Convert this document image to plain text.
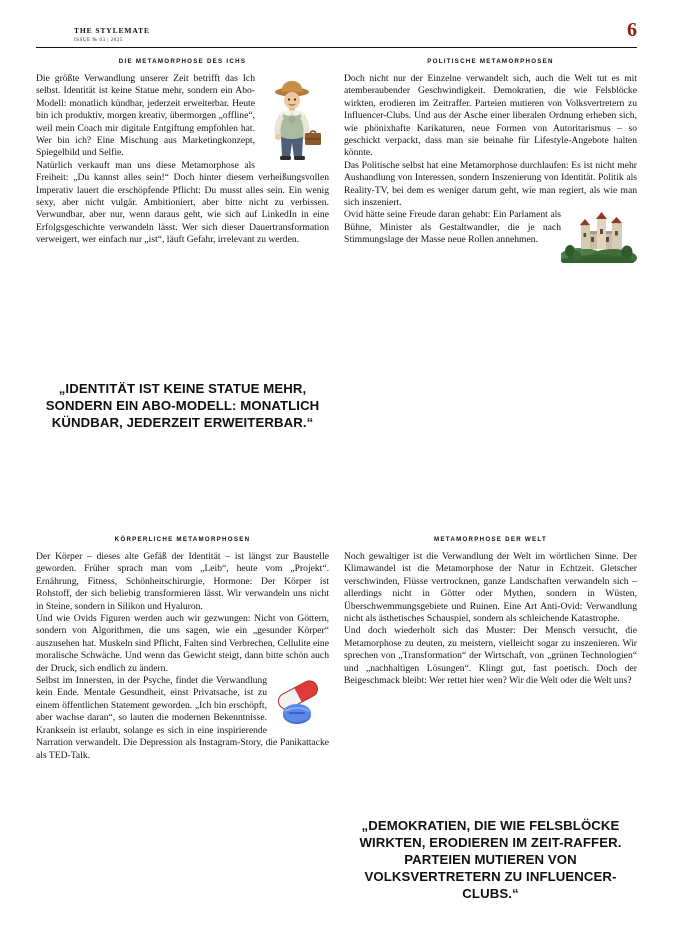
THE STYLEMATE
ISSUE № 03 | 2025	6
DIE METAMORPHOSE DES ICHS

Die größte Verwandlung unserer Zeit betrifft das Ich selbst. Identität ist keine Statue mehr, sondern ein Abo-Modell: monatlich kündbar, jederzeit erweiterbar. Heute bin ich produktiv, morgen kreativ, übermorgen „offline“, weil mein Coach mir digitale Entgiftung empfohlen hat. Wer bin ich? Eine Mischung aus Marketingkonzept, Spiegelbild und Selfie.

Natürlich verkauft man uns diese Metamorphose als Freiheit: „Du kannst alles sein!“ Doch hinter diesem verheißungsvollen Imperativ lauert die erschöpfende Pflicht: Du musst alles sein. Ein wenig sexy, aber nicht vulgär. Ambitioniert, aber bitte nicht zu verbissen. Verwundbar, aber nur, wenn daraus geht, wie sich auf LinkedIn in eine Erfolgsgeschichte verwandeln lässt. Wer sich dieser Dauertransformation verweigert, wer einfach nur „ist“, läuft Gefahr, irrelevant zu werden.

POLITISCHE METAMORPHOSEN

Doch nicht nur der Einzelne verwandelt sich, auch die Welt tut es mit atemberaubender Geschwindigkeit. Demokratien, die wie Felsblöcke wirkten, erodieren im Zeitraffer. Parteien mutieren von Volksvertretern zu Influencer-Clubs. Und aus der Asche einer liberalen Ordnung erheben sich, wie phönixhafte Karikaturen, neue Formen von Autoritarismus – so geschickt verpackt, dass man sie beinahe für Lifestyle-Angebote halten könnte.

Das Politische selbst hat eine Metamorphose durchlaufen: Es ist nicht mehr Aushandlung von Interessen, sondern Inszenierung von Identität. Politik als Reality-TV, bei dem es weniger darum geht, wie man regiert, als wie man sich inszeniert.

Ovid hätte seine Freude daran gehabt: Ein Parlament als Bühne, Minister als Gestaltwandler, die je nach Stimmungslage der Masse neue Rollen annehmen.

„IDENTITÄT IST KEINE STATUE MEHR, SONDERN EIN ABO-MODELL: MONATLICH KÜNDBAR, JEDERZEIT ERWEITERBAR.“
KÖRPERLICHE METAMORPHOSEN

Der Körper – dieses alte Gefäß der Identität – ist längst zur Baustelle geworden. Früher sprach man vom „Leib“, heute vom „Projekt“. Ernährung, Fitness, Schönheitschirurgie, Hormone: Der Körper ist Rohstoff, der sich beliebig transformieren lässt. Wir verwandeln uns nicht in Steine, sondern in Silikon und Hyaluron.

Und wie Ovids Figuren werden auch wir gezwungen: Nicht von Göttern, sondern von Algorithmen, die uns sagen, wie ein „gesunder Körper“ auszusehen hat. Muskeln sind Pflicht, Falten sind Verbrechen, Cellulite eine moralische Schwäche. Und wenn das Gewicht steigt, dann bitte schön auch der Druck, sich endlich zu ändern.

Selbst im Innersten, in der Psyche, findet die Verwandlung kein Ende. Mentale Gesundheit, einst Privatsache, ist zu einem öffentlichen Statement geworden. „Ich bin erschöpft, aber wachse daran“, so lauten die modernen Bekenntnisse. Kranksein ist erlaubt, solange es sich in eine inspirierende Narration verwandelt. Die Depression als Instagram-Story, die Panikattacke als TED-Talk.

METAMORPHOSE DER WELT

Noch gewaltiger ist die Verwandlung der Welt im wörtlichen Sinne. Der Klimawandel ist die Metamorphose der Natur in Echtzeit. Gletscher verschwinden, Flüsse vertrocknen, ganze Landschaften verwandeln sich – allerdings nicht in Götter oder Mythen, sondern in Wüsten, Überschwemmungsgebiete und Ruinen. Eine Art Anti-Ovid: Verwandlung nicht als ästhetisches Schauspiel, sondern als schleichende Katastrophe.

Und doch wiederholt sich das Muster: Der Mensch versucht, die Metamorphose zu deuten, zu meistern, vielleicht sogar zu inszenieren. Wir sprechen von „Transformation“ der Wirtschaft, von „grünen Technologien“ und „nachhaltigen Lösungen“. Klingt gut, fast poetisch. Doch der Beigeschmack bleibt: Wer rettet hier wen? Wir die Welt oder die Welt uns?

„DEMOKRATIEN, DIE WIE FELSBLÖCKE WIRKTEN, ERODIEREN IM ZEIT-RAFFER. PARTEIEN MUTIEREN VON VOLKSVERTRETERN ZU INFLUENCER-CLUBS.“
